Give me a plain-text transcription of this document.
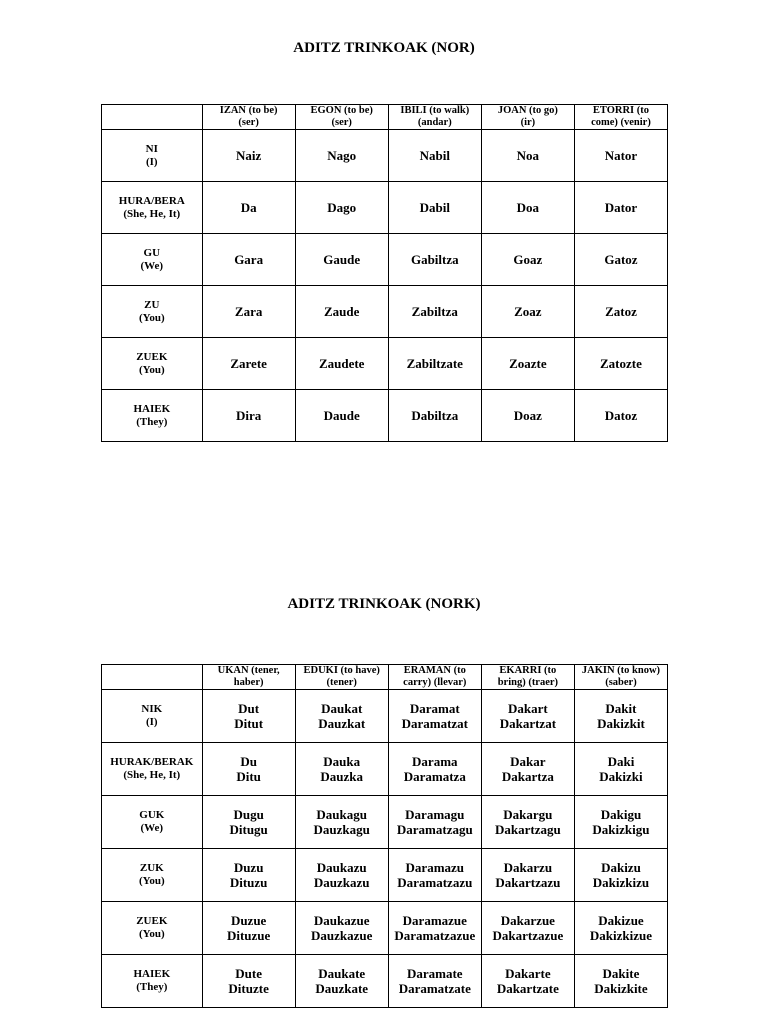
ADITZ TRINKOAK (NOR)

	IZAN (to be)
(ser)	EGON (to be)
(ser)	IBILI (to walk)
(andar)	JOAN (to go)
(ir)	ETORRI (to
come) (venir)

NI
(I)	Naiz	Nago	Nabil	Noa	Nator

HURA/BERA
(She, He, It)	Da	Dago	Dabil	Doa	Dator

GU
(We)	Gara	Gaude	Gabiltza	Goaz	Gatoz

ZU
(You)	Zara	Zaude	Zabiltza	Zoaz	Zatoz

ZUEK
(You)	Zarete	Zaudete	Zabiltzate	Zoazte	Zatozte

HAIEK
(They)	Dira	Daude	Dabiltza	Doaz	Datoz
ADITZ TRINKOAK (NORK)

	UKAN (tener,
haber)	EDUKI (to have)
(tener)	ERAMAN (to
carry) (llevar)	EKARRI (to
bring) (traer)	JAKIN (to know)
(saber)

NIK
(I)	Dut
Ditut	Daukat
Dauzkat	Daramat
Daramatzat	Dakart
Dakartzat	Dakit
Dakizkit

HURAK/BERAK
(She, He, It)	Du
Ditu	Dauka
Dauzka	Darama
Daramatza	Dakar
Dakartza	Daki
Dakizki

GUK
(We)	Dugu
Ditugu	Daukagu
Dauzkagu	Daramagu
Daramatzagu	Dakargu
Dakartzagu	Dakigu
Dakizkigu

ZUK
(You)	Duzu
Dituzu	Daukazu
Dauzkazu	Daramazu
Daramatzazu	Dakarzu
Dakartzazu	Dakizu
Dakizkizu

ZUEK
(You)	Duzue
Dituzue	Daukazue
Dauzkazue	Daramazue
Daramatzazue	Dakarzue
Dakartzazue	Dakizue
Dakizkizue

HAIEK
(They)	Dute
Dituzte	Daukate
Dauzkate	Daramate
Daramatzate	Dakarte
Dakartzate	Dakite
Dakizkite
